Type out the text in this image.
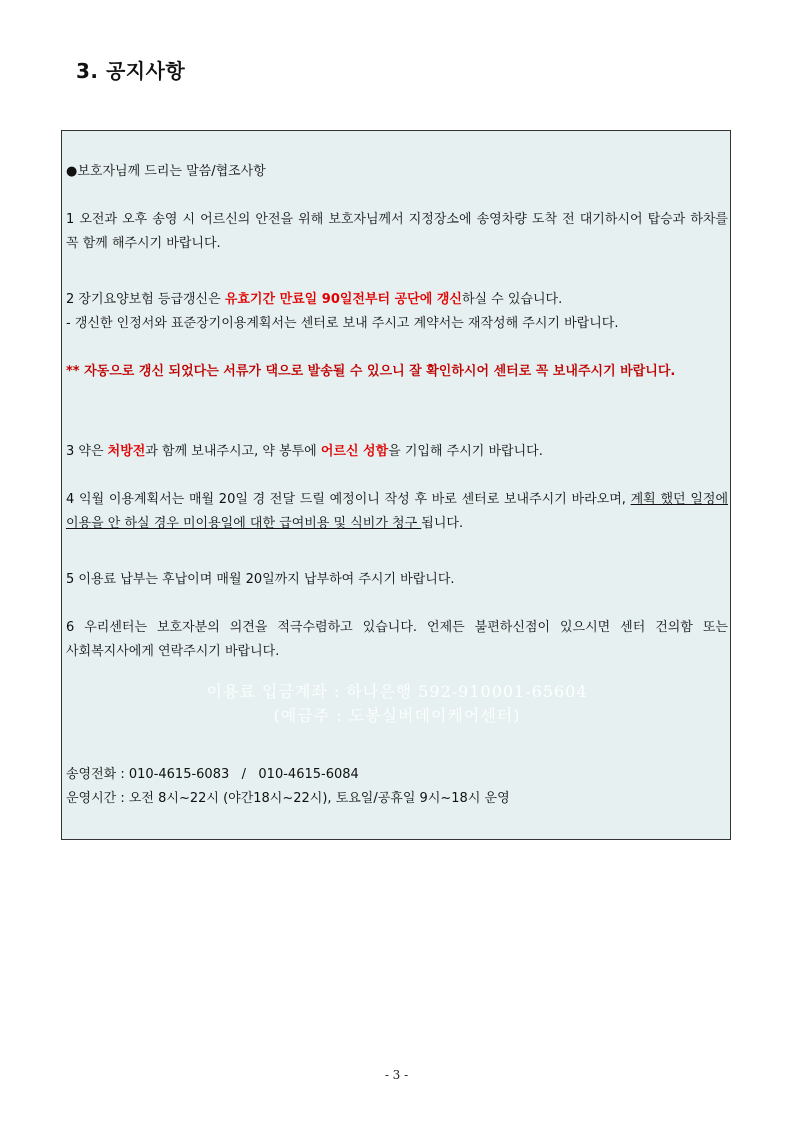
3. 공지사항
●보호자님께 드리는 말씀/협조사항
1 오전과 오후 송영 시 어르신의 안전을 위해 보호자님께서 지정장소에 송영차량 도착 전 대기하시어 탑승과 하차를 꼭 함께 해주시기 바랍니다.
2 장기요양보험 등급갱신은 유효기간 만료일 90일전부터 공단에 갱신하실 수 있습니다.
- 갱신한 인정서와 표준장기이용계획서는 센터로 보내 주시고 계약서는 재작성해 주시기 바랍니다.
** 자동으로 갱신 되었다는 서류가 댁으로 발송될 수 있으니 잘 확인하시어 센터로 꼭 보내주시기 바랍니다.
3 약은 처방전과 함께 보내주시고, 약 봉투에 어르신 성함을 기입해 주시기 바랍니다.
4 익월 이용계획서는 매월 20일 경 전달 드릴 예정이니 작성 후 바로 센터로 보내주시기 바라오며, 계획 했던 일정에 이용을 안 하실 경우 미이용일에 대한 급여비용 및 식비가 청구 됩니다.
5 이용료 납부는 후납이며 매월 20일까지 납부하여 주시기 바랍니다.
6 우리센터는 보호자분의 의견을 적극수렴하고 있습니다. 언제든 불편하신점이 있으시면 센터 건의함 또는 사회복지사에게 연락주시기 바랍니다.
이용료 입금계좌 : 하나은행 592-910001-65604
(예금주 : 도봉실버데이케어센터)
송영전화 : 010-4615-6083   /   010-4615-6084
운영시간 : 오전 8시~22시 (야간18시~22시), 토요일/공휴일 9시~18시 운영
- 3 -
